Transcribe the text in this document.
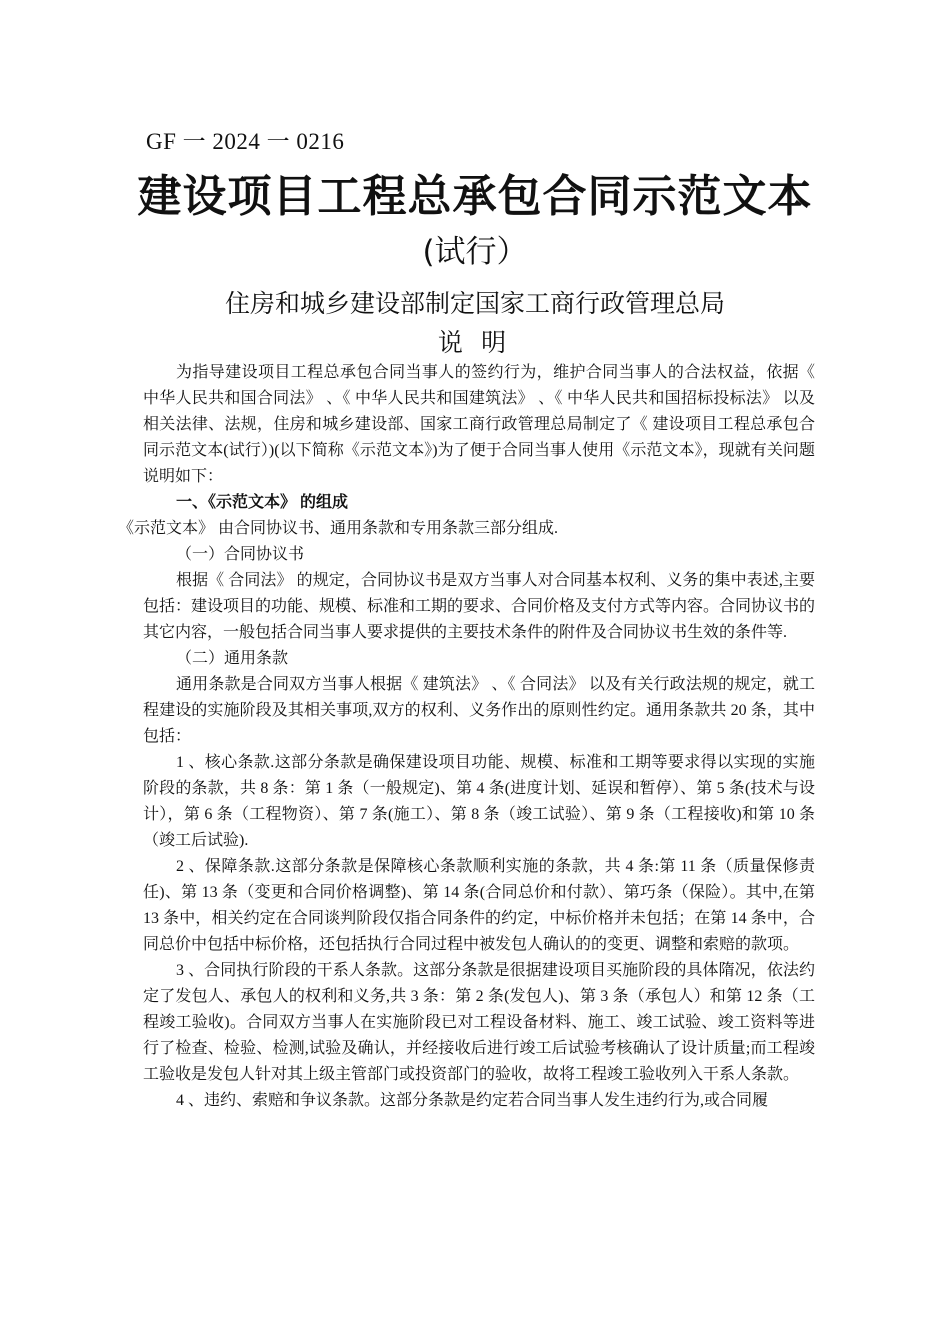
GF 一 2024 一 0216
建设项目工程总承包合同示范文本
(试行）
住房和城乡建设部制定国家工商行政管理总局
说 明

为指导建设项目工程总承包合同当事人的签约行为，维护合同当事人的合法权益，依据《 中华人民共和国合同法》 、《 中华人民共和国建筑法》 、《 中华人民共和国招标投标法》 以及相关法律、法规，住房和城乡建设部、国家工商行政管理总局制定了《 建设项目工程总承包合同示范文本(试行）)(以下简称《示范文本》)为了便于合同当事人使用《示范文本》，现就有关问题说明如下：

一、《示范文本》 的组成

《示范文本》 由合同协议书、通用条款和专用条款三部分组成.

（一）合同协议书

根据《 合同法》 的规定，合同协议书是双方当事人对合同基本权利、义务的集中表述,主要包括：建设项目的功能、规模、标准和工期的要求、合同价格及支付方式等内容。合同协议书的其它内容，一般包括合同当事人要求提供的主要技术条件的附件及合同协议书生效的条件等.

（二）通用条款

通用条款是合同双方当事人根据《 建筑法》 、《 合同法》 以及有关行政法规的规定，就工程建设的实施阶段及其相关事项,双方的权利、义务作出的原则性约定。通用条款共 20 条，其中包括：

1 、核心条款.这部分条款是确保建设项目功能、规模、标准和工期等要求得以实现的实施阶段的条款，共 8 条：第 1 条（一般规定)、第 4 条(进度计划、延误和暂停）、第 5 条(技术与设计），第 6 条（工程物资）、第 7 条(施工）、第 8 条（竣工试验）、第 9 条（工程接收)和第 10 条（竣工后试验).

2 、保障条款.这部分条款是保障核心条款顺利实施的条款，共 4 条:第 11 条（质量保修责任)、第 13 条（变更和合同价格调整)、第 14 条(合同总价和付款）、第巧条（保险）。其中,在第 13 条中，相关约定在合同谈判阶段仅指合同条件的约定，中标价格并未包括；在第 14 条中，合同总价中包括中标价格，还包括执行合同过程中被发包人确认的的变更、调整和索赔的款项。

3 、合同执行阶段的干系人条款。这部分条款是很据建设项目买施阶段的具体隋况，依法约定了发包人、承包人的权利和义务,共 3 条：第 2 条(发包人)、第 3 条（承包人）和第 12 条（工程竣工验收)。合同双方当事人在实施阶段已对工程设备材料、施工、竣工试验、竣工资料等进行了检查、检验、检测,试验及确认，并经接收后进行竣工后试验考核确认了设计质量;而工程竣工验收是发包人针对其上级主管部门或投资部门的验收，故将工程竣工验收列入干系人条款。

4 、违约、索赔和争议条款。这部分条款是约定若合同当事人发生违约行为,或合同履
